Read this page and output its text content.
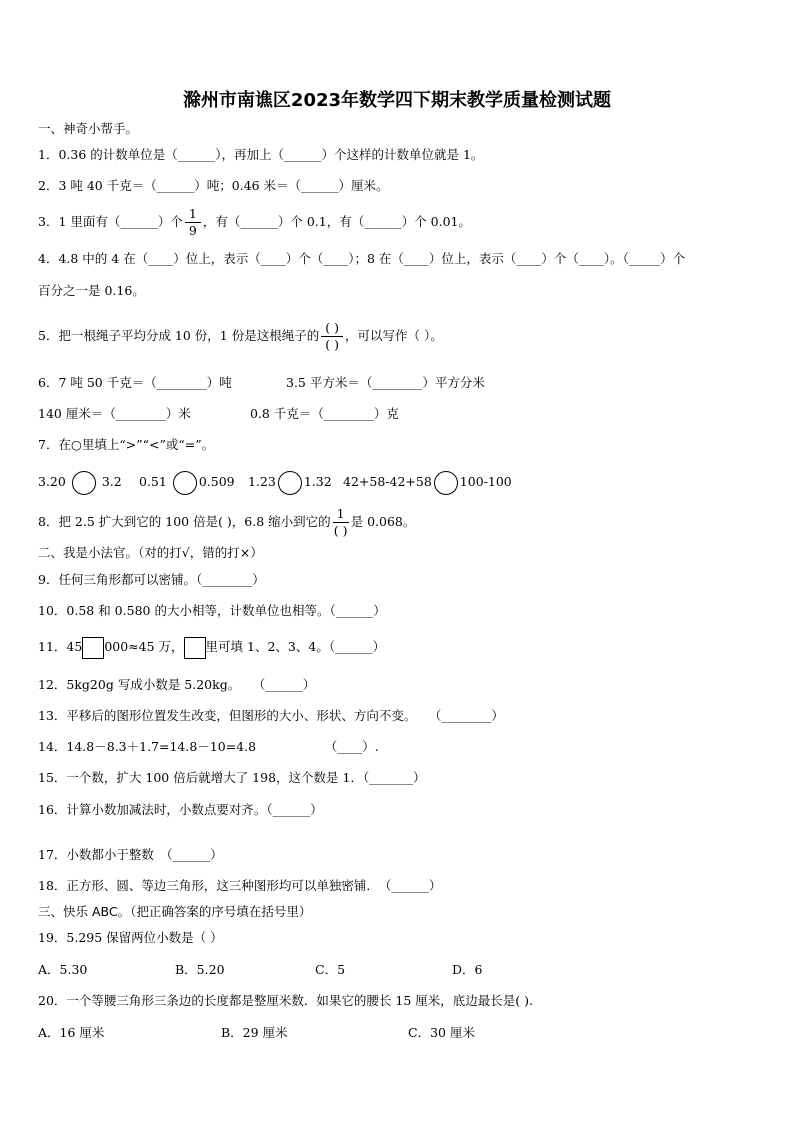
滁州市南谯区2023年数学四下期末教学质量检测试题
一、神奇小帮手。
1．0.36 的计数单位是（______），再加上（______）个这样的计数单位就是 1。
2．3 吨 40 千克＝（______）吨；0.46 米＝（______）厘米。
3．1 里面有（______）个 $\frac{1}{9}$ ，有（______）个 0.1，有（______）个 0.01。
4．4.8 中的 4 在（____）位上，表示（____）个（____）；8 在（____）位上，表示（____）个（____）。（_____）个
百分之一是 0.16。
5．把一根绳子平均分成 10 份，1 份是这根绳子的 $\frac{( )}{( )}$ ，可以写作（ ）。
6．7 吨 50 千克＝（________）吨	3.5 平方米＝（________）平方分米
140 厘米＝（________）米	0.8 千克＝（________）克
7．在○里填上“>”“<”或“=”。
3.20	3.2 0.51	0.509 1.23 1.32 42+58-42+58 100-100
8．把 2.5 扩大到它的 100 倍是( )，6.8 缩小到它的 $\frac{1}{( )}$ 是 0.068。
二、我是小法官。（对的打√，错的打×）
9．任何三角形都可以密铺。（________）
10．0.58 和 0.580 的大小相等，计数单位也相等。（______）
11．45 000≈45 万， 里可填 1、2、3、4。（______）
12．5kg20g 写成小数是 5.20kg。　　（______）
13．平移后的图形位置发生改变，但图形的大小、形状、方向不变。　　（________）
14．14.8－8.3＋1.7=14.8－10=4.8　　　　　　（____）.
15．一个数，扩大 100 倍后就增大了 198，这个数是 1．（_______）
16．计算小数加减法时，小数点要对齐。（______）
17．小数都小于整数　（______）
18．正方形、圆、等边三角形，这三种图形均可以单独密铺．　（______）
三、快乐 ABC。（把正确答案的序号填在括号里）
19．5.295 保留两位小数是（ ）
A．5.30	B．5.20	C．5	D．6
20．一个等腰三角形三条边的长度都是整厘米数．如果它的腰长 15 厘米，底边最长是( ).
A．16 厘米	B．29 厘米	C．30 厘米
